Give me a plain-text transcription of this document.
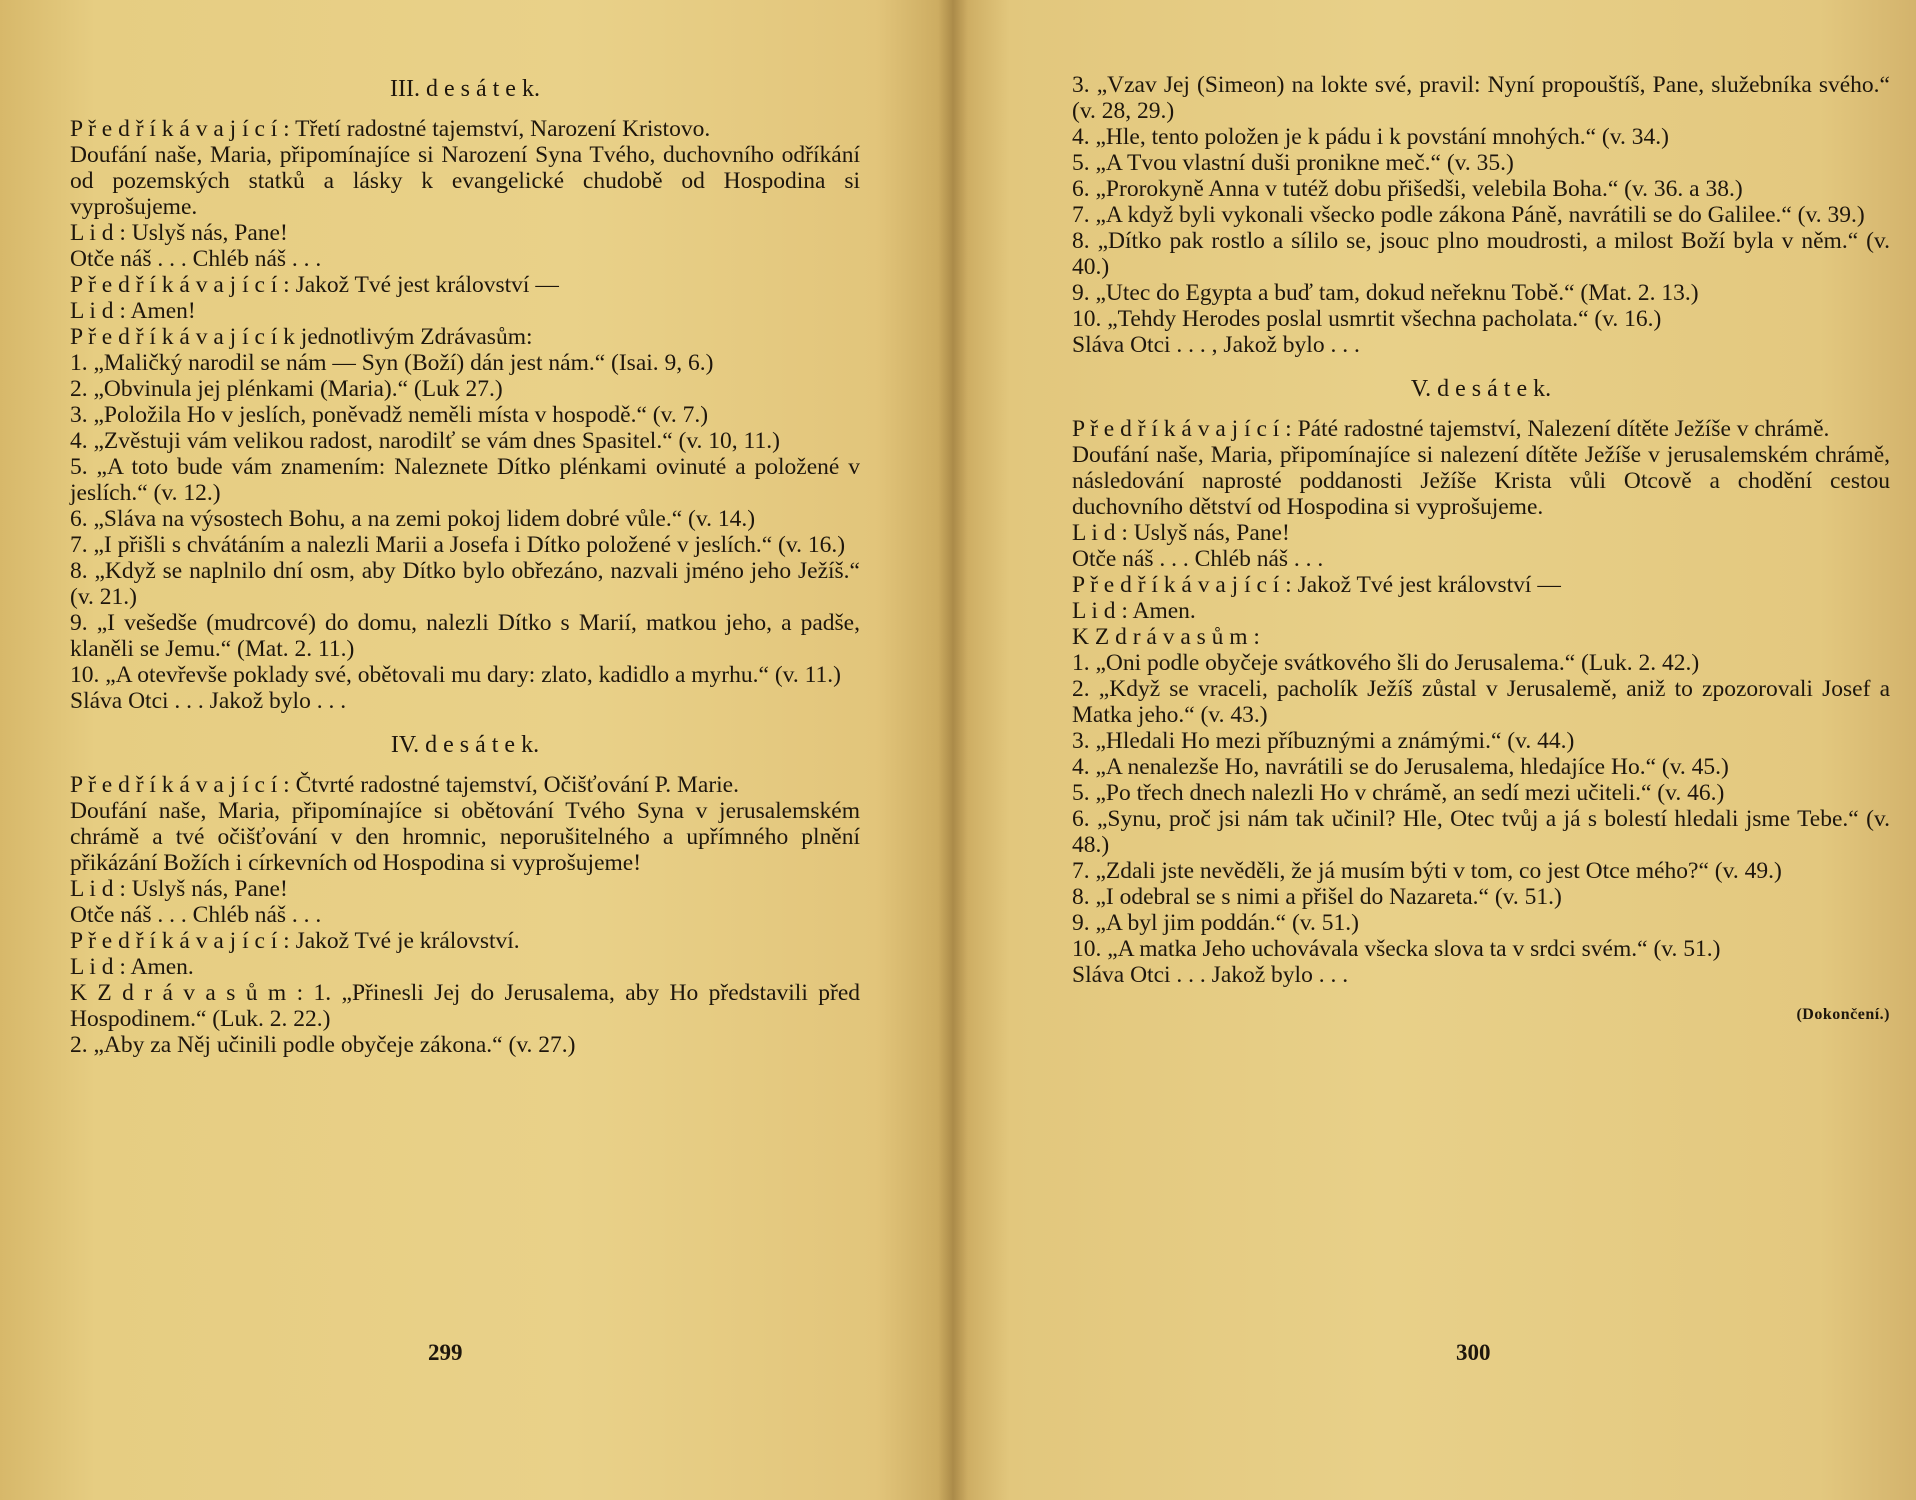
III. d e s á t e k.

P ř e d ř í k á v a j í c í : Třetí radostné tajemství, Narození Kristovo.

Doufání naše, Maria, připomínajíce si Narození Syna Tvého, duchovního odříkání od pozemských statků a lásky k evangelické chudobě od Hospodina si vyprošujeme.

L i d : Uslyš nás, Pane!

Otče náš . . . Chléb náš . . .

P ř e d ř í k á v a j í c í : Jakož Tvé jest království —

L i d : Amen!

P ř e d ř í k á v a j í c í k jednotlivým Zdrávasům:

1. „Maličký narodil se nám — Syn (Boží) dán jest nám.“ (Isai. 9, 6.)

2. „Obvinula jej plénkami (Maria).“ (Luk 27.)

3. „Položila Ho v jeslích, poněvadž neměli místa v hospodě.“ (v. 7.)

4. „Zvěstuji vám velikou radost, narodilť se vám dnes Spasitel.“ (v. 10, 11.)

5. „A toto bude vám znamením: Naleznete Dítko plénkami ovinuté a položené v jeslích.“ (v. 12.)

6. „Sláva na výsostech Bohu, a na zemi pokoj lidem dobré vůle.“ (v. 14.)

7. „I přišli s chvátáním a nalezli Marii a Josefa i Dítko položené v jeslích.“ (v. 16.)

8. „Když se naplnilo dní osm, aby Dítko bylo obřezáno, nazvali jméno jeho Ježíš.“ (v. 21.)

9. „I vešedše (mudrcové) do domu, nalezli Dítko s Marií, matkou jeho, a padše, klaněli se Jemu.“ (Mat. 2. 11.)

10. „A otevřevše poklady své, obětovali mu dary: zlato, kadidlo a myrhu.“ (v. 11.)

Sláva Otci . . . Jakož bylo . . .

IV. d e s á t e k.

P ř e d ř í k á v a j í c í : Čtvrté radostné tajemství, Očišťování P. Marie.

Doufání naše, Maria, připomínajíce si obětování Tvého Syna v jerusalemském chrámě a tvé očišťování v den hromnic, neporušitelného a upřímného plnění přikázání Božích i církevních od Hospodina si vyprošujeme!

L i d : Uslyš nás, Pane!

Otče náš . . . Chléb náš . . .

P ř e d ř í k á v a j í c í : Jakož Tvé je království.

L i d : Amen.

K Z d r á v a s ů m : 1. „Přinesli Jej do Jerusalema, aby Ho představili před Hospodinem.“ (Luk. 2. 22.)

2. „Aby za Něj učinili podle obyčeje zákona.“ (v. 27.)

299

3. „Vzav Jej (Simeon) na lokte své, pravil: Nyní propouštíš, Pane, služebníka svého.“ (v. 28, 29.)

4. „Hle, tento položen je k pádu i k povstání mnohých.“ (v. 34.)

5. „A Tvou vlastní duši pronikne meč.“ (v. 35.)

6. „Prorokyně Anna v tutéž dobu přišedši, velebila Boha.“ (v. 36. a 38.)

7. „A když byli vykonali všecko podle zákona Páně, navrátili se do Galilee.“ (v. 39.)

8. „Dítko pak rostlo a sílilo se, jsouc plno moudrosti, a milost Boží byla v něm.“ (v. 40.)

9. „Utec do Egypta a buď tam, dokud neřeknu Tobě.“ (Mat. 2. 13.)

10. „Tehdy Herodes poslal usmrtit všechna pacholata.“ (v. 16.)

Sláva Otci . . . , Jakož bylo . . .

V. d e s á t e k.

P ř e d ř í k á v a j í c í : Páté radostné tajemství, Nalezení dítěte Ježíše v chrámě.

Doufání naše, Maria, připomínajíce si nalezení dítěte Ježíše v jerusalemském chrámě, následování naprosté poddanosti Ježíše Krista vůli Otcově a chodění cestou duchovního dětství od Hospodina si vyprošujeme.

L i d : Uslyš nás, Pane!

Otče náš . . . Chléb náš . . .

P ř e d ř í k á v a j í c í : Jakož Tvé jest království —

L i d : Amen.

K Z d r á v a s ů m :

1. „Oni podle obyčeje svátkového šli do Jerusalema.“ (Luk. 2. 42.)

2. „Když se vraceli, pacholík Ježíš zůstal v Jerusalemě, aniž to zpozorovali Josef a Matka jeho.“ (v. 43.)

3. „Hledali Ho mezi příbuznými a známými.“ (v. 44.)

4. „A nenalezše Ho, navrátili se do Jerusalema, hledajíce Ho.“ (v. 45.)

5. „Po třech dnech nalezli Ho v chrámě, an sedí mezi učiteli.“ (v. 46.)

6. „Synu, proč jsi nám tak učinil? Hle, Otec tvůj a já s bolestí hledali jsme Tebe.“ (v. 48.)

7. „Zdali jste nevěděli, že já musím býti v tom, co jest Otce mého?“ (v. 49.)

8. „I odebral se s nimi a přišel do Nazareta.“ (v. 51.)

9. „A byl jim poddán.“ (v. 51.)

10. „A matka Jeho uchovávala všecka slova ta v srdci svém.“ (v. 51.)

Sláva Otci . . . Jakož bylo . . .

(Dokončení.)
300
